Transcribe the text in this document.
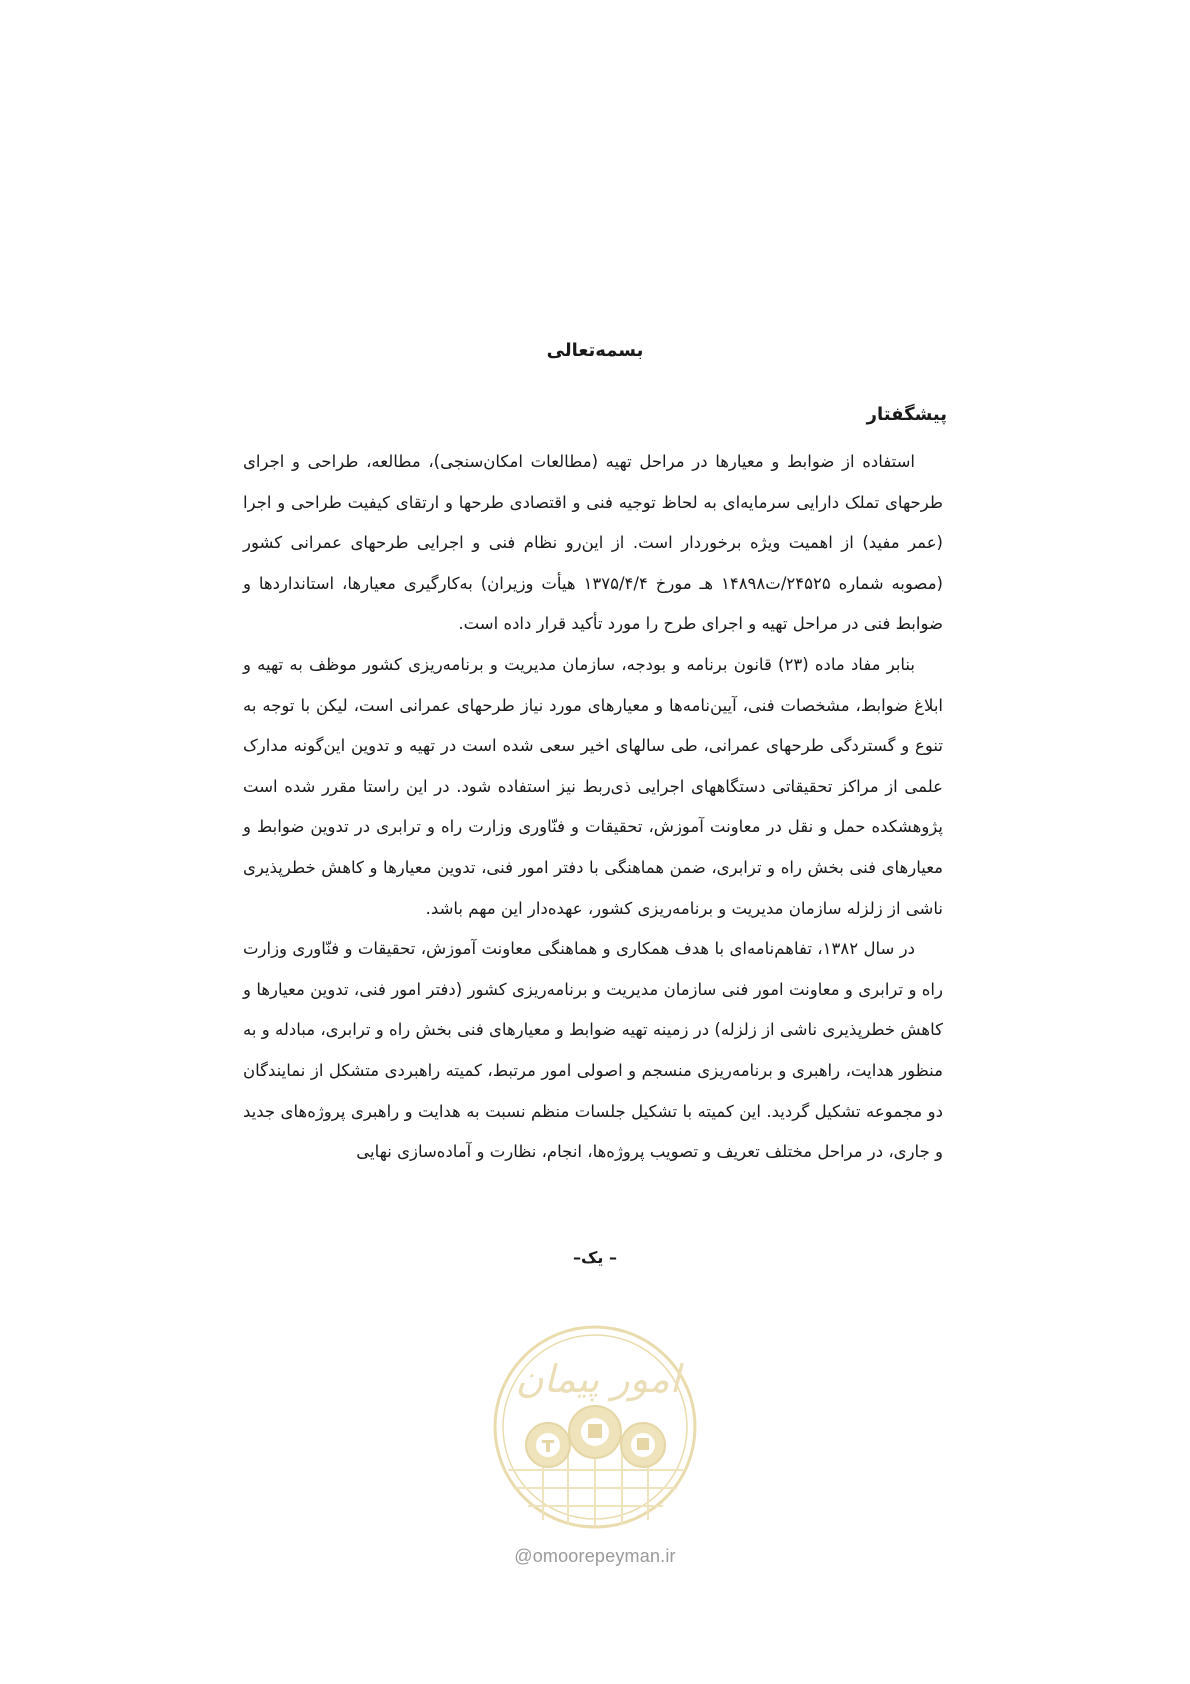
بسمه‌تعالی
پیشگفتار

استفاده از ضوابط و معیارها در مراحل تهیه (مطالعات امکان‌سنجی)، مطالعه، طراحی و اجرای طرحهای تملک دارایی سرمایه‌ای به لحاظ توجیه فنی و اقتصادی طرحها و ارتقای کیفیت طراحی و اجرا (عمر مفید) از اهمیت ویژه برخوردار است. از این‌رو نظام فنی و اجرایی طرحهای عمرانی کشور (مصوبه شماره ۲۴۵۲۵/ت۱۴۸۹۸ هـ مورخ ۱۳۷۵/۴/۴ هیأت وزیران) به‌کارگیری معیارها، استانداردها و ضوابط فنی در مراحل تهیه و اجرای طرح را مورد تأکید قرار داده است.

بنابر مفاد ماده (۲۳) قانون برنامه و بودجه، سازمان مدیریت و برنامه‌ریزی کشور موظف به تهیه و ابلاغ ضوابط، مشخصات فنی، آیین‌نامه‌ها و معیارهای مورد نیاز طرحهای عمرانی است، لیکن با توجه به تنوع و گستردگی طرحهای عمرانی، طی سالهای اخیر سعی شده است در تهیه و تدوین این‌گونه مدارک علمی از مراکز تحقیقاتی دستگاههای اجرایی ذی‌ربط نیز استفاده شود. در این راستا مقرر شده است پژوهشکده حمل و نقل در معاونت آموزش، تحقیقات و فنّاوری وزارت راه و ترابری در تدوین ضوابط و معیارهای فنی بخش راه و ترابری، ضمن هماهنگی با دفتر امور فنی، تدوین معیارها و کاهش خطرپذیری ناشی از زلزله سازمان مدیریت و برنامه‌ریزی کشور، عهده‌دار این مهم باشد.

در سال ۱۳۸۲، تفاهم‌نامه‌ای با هدف همکاری و هماهنگی معاونت آموزش، تحقیقات و فنّاوری وزارت راه و ترابری و معاونت امور فنی سازمان مدیریت و برنامه‌ریزی کشور (دفتر امور فنی، تدوین معیارها و کاهش خطرپذیری ناشی از زلزله) در زمینه تهیه ضوابط و معیارهای فنی بخش راه و ترابری، مبادله و به منظور هدایت، راهبری و برنامه‌ریزی منسجم و اصولی امور مرتبط، کمیته راهبردی متشکل از نمایندگان دو مجموعه تشکیل گردید. این کمیته با تشکیل جلسات منظم نسبت به هدایت و راهبری پروژه‌های جدید و جاری، در مراحل مختلف تعریف و تصویب پروژه‌ها، انجام، نظارت و آماده‌سازی نهایی

– یک–
امور پیمان
@omoorepeyman.ir
